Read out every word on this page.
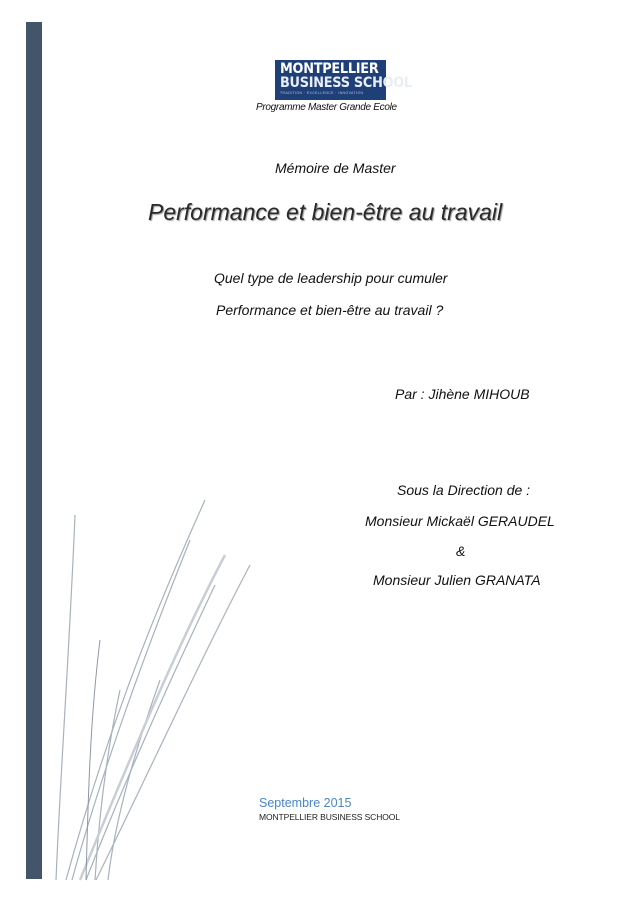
MONTPELLIER
BUSINESS SCHOOL
TRADITION · EXCELLENCE · INNOVATION
Programme Master Grande Ecole
Mémoire de Master
Performance et bien-être au travail
Quel type de leadership pour cumuler
Performance et bien-être au travail ?
Par : Jihène MIHOUB
Sous la Direction de :
Monsieur Mickaël GERAUDEL
&
Monsieur Julien GRANATA
Septembre 2015
MONTPELLIER BUSINESS SCHOOL
